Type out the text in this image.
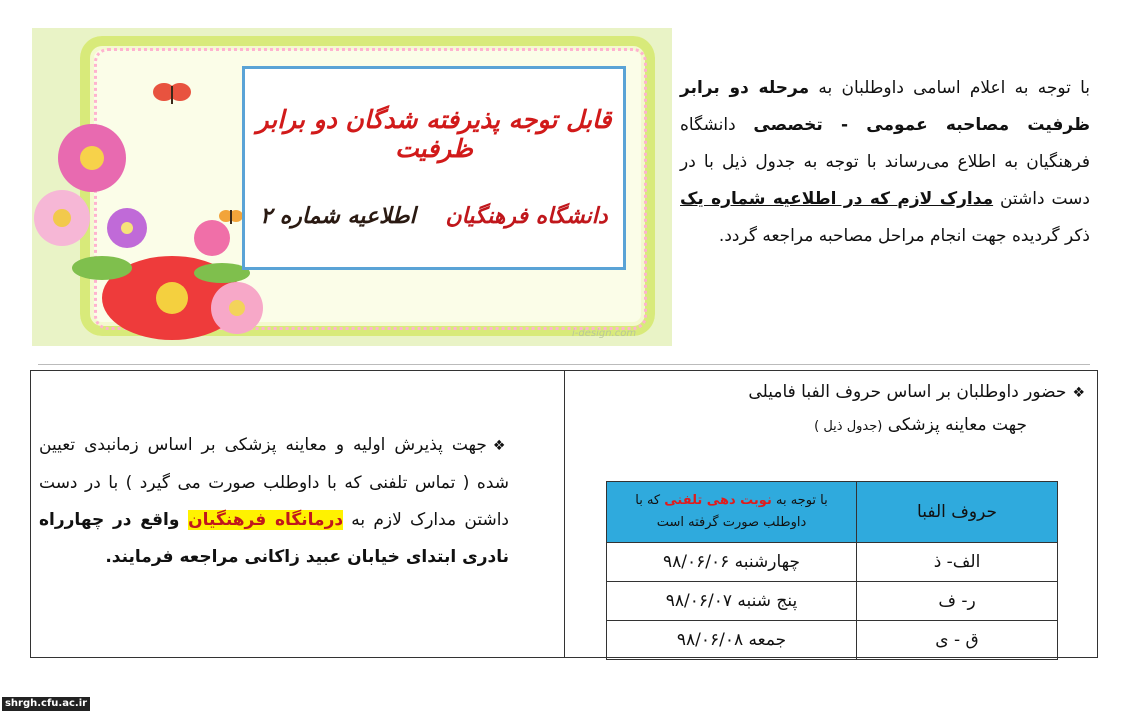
قابل توجه پذیرفته شدگان دو برابر ظرفیت
دانشگاه فرهنگیان اطلاعیه شماره ۲
i-design.com
با توجه به اعلام اسامی داوطلبان به مرحله دو برابر ظرفیت مصاحبه عمومی - تخصصی دانشگاه فرهنگیان به اطلاع می‌رساند با توجه به جدول ذیل با در دست داشتن مدارک لازم که در اطلاعیه شماره یک ذکر گردیده جهت انجام مراحل مصاحبه مراجعه گردد.
❖حضور داوطلبان بر اساس حروف الفبا فامیلی
جهت معاینه پزشکی (جدول ذیل )
حروف الفبا	با توجه به نوبت دهی تلفنی که با داوطلب صورت گرفته است
الف- ذ	چهارشنبه ۹۸/۰۶/۰۶
ر- ف	پنج شنبه ۹۸/۰۶/۰۷
ق - ی	جمعه ۹۸/۰۶/۰۸
❖جهت پذیرش اولیه و معاینه پزشکی بر اساس زمانبدی تعیین شده ( تماس تلفنی که با داوطلب صورت می گیرد ) با در دست داشتن مدارک لازم به درمانگاه فرهنگیان واقع در چهارراه نادری ابتدای خیابان عبید زاکانی مراجعه فرمایند.
shrgh.cfu.ac.ir
